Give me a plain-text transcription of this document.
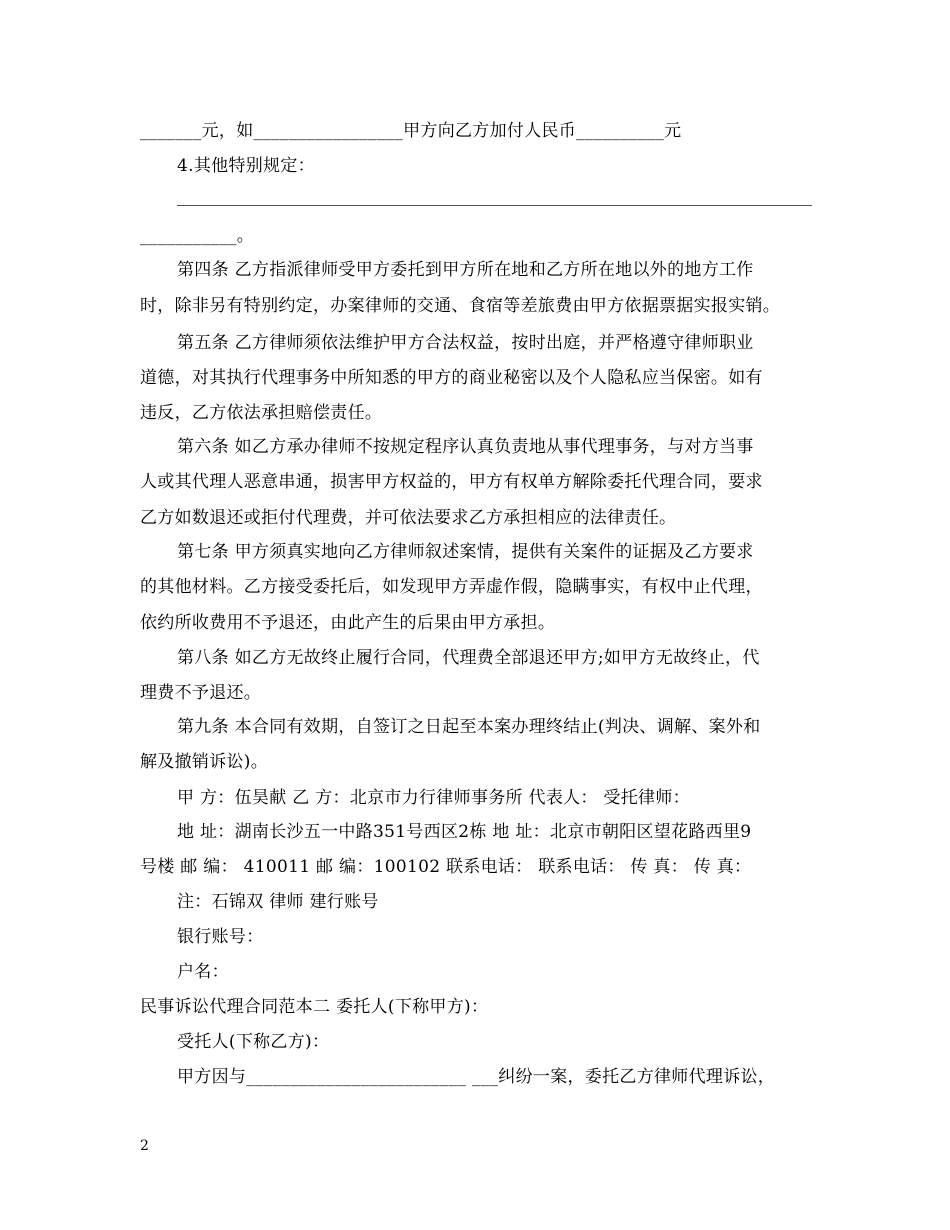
_______元，如_________________甲方向乙方加付人民币__________元
4.其他特别规定：
___________。
第四条 乙方指派律师受甲方委托到甲方所在地和乙方所在地以外的地方工作
时，除非另有特别约定，办案律师的交通、食宿等差旅费由甲方依据票据实报实销。
第五条 乙方律师须依法维护甲方合法权益，按时出庭，并严格遵守律师职业
道德，对其执行代理事务中所知悉的甲方的商业秘密以及个人隐私应当保密。如有
违反，乙方依法承担赔偿责任。
第六条 如乙方承办律师不按规定程序认真负责地从事代理事务，与对方当事
人或其代理人恶意串通，损害甲方权益的，甲方有权单方解除委托代理合同，要求
乙方如数退还或拒付代理费，并可依法要求乙方承担相应的法律责任。
第七条 甲方须真实地向乙方律师叙述案情，提供有关案件的证据及乙方要求
的其他材料。乙方接受委托后，如发现甲方弄虚作假，隐瞒事实，有权中止代理，
依约所收费用不予退还，由此产生的后果由甲方承担。
第八条 如乙方无故终止履行合同，代理费全部退还甲方;如甲方无故终止，代
理费不予退还。
第九条 本合同有效期，自签订之日起至本案办理终结止(判决、调解、案外和
解及撤销诉讼)。
甲 方：伍昊献 乙 方：北京市力行律师事务所 代表人： 受托律师：
地 址：湖南长沙五一中路351号西区2栋 地 址：北京市朝阳区望花路西里9
号楼 邮 编： 410011 邮 编：100102 联系电话： 联系电话： 传 真： 传 真：
注：石锦双 律师 建行账号
银行账号：
户名：
民事诉讼代理合同范本二 委托人(下称甲方)：
受托人(下称乙方)：
甲方因与_________________________ ___纠纷一案，委托乙方律师代理诉讼，
2
